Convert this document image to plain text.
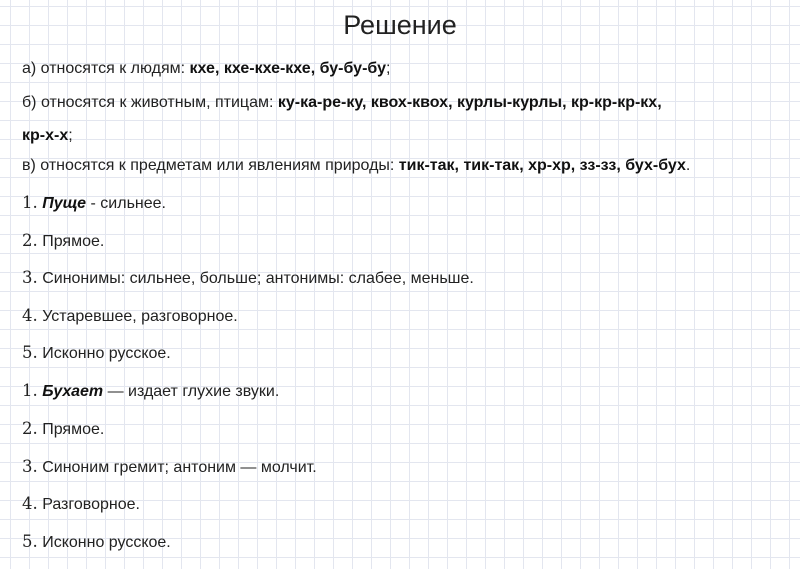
Решение
а) относятся к людям: кхе, кхе-кхе-кхе, бу-бу-бу;
б) относятся к животным, птицам: ку-ка-ре-ку, квох-квох, курлы-курлы, кр-кр-кр-кх,
кр-х-х;
в) относятся к предметам или явлениям природы: тик-так, тик-так, хр-хр, зз-зз, бух-бух.
1. Пуще - сильнее.
2. Прямое.
3. Синонимы: сильнее, больше; антонимы: слабее, меньше.
4. Устаревшее, разговорное.
5. Исконно русское.
1. Бухает — издает глухие звуки.
2. Прямое.
3. Синоним гремит; антоним — молчит.
4. Разговорное.
5. Исконно русское.
